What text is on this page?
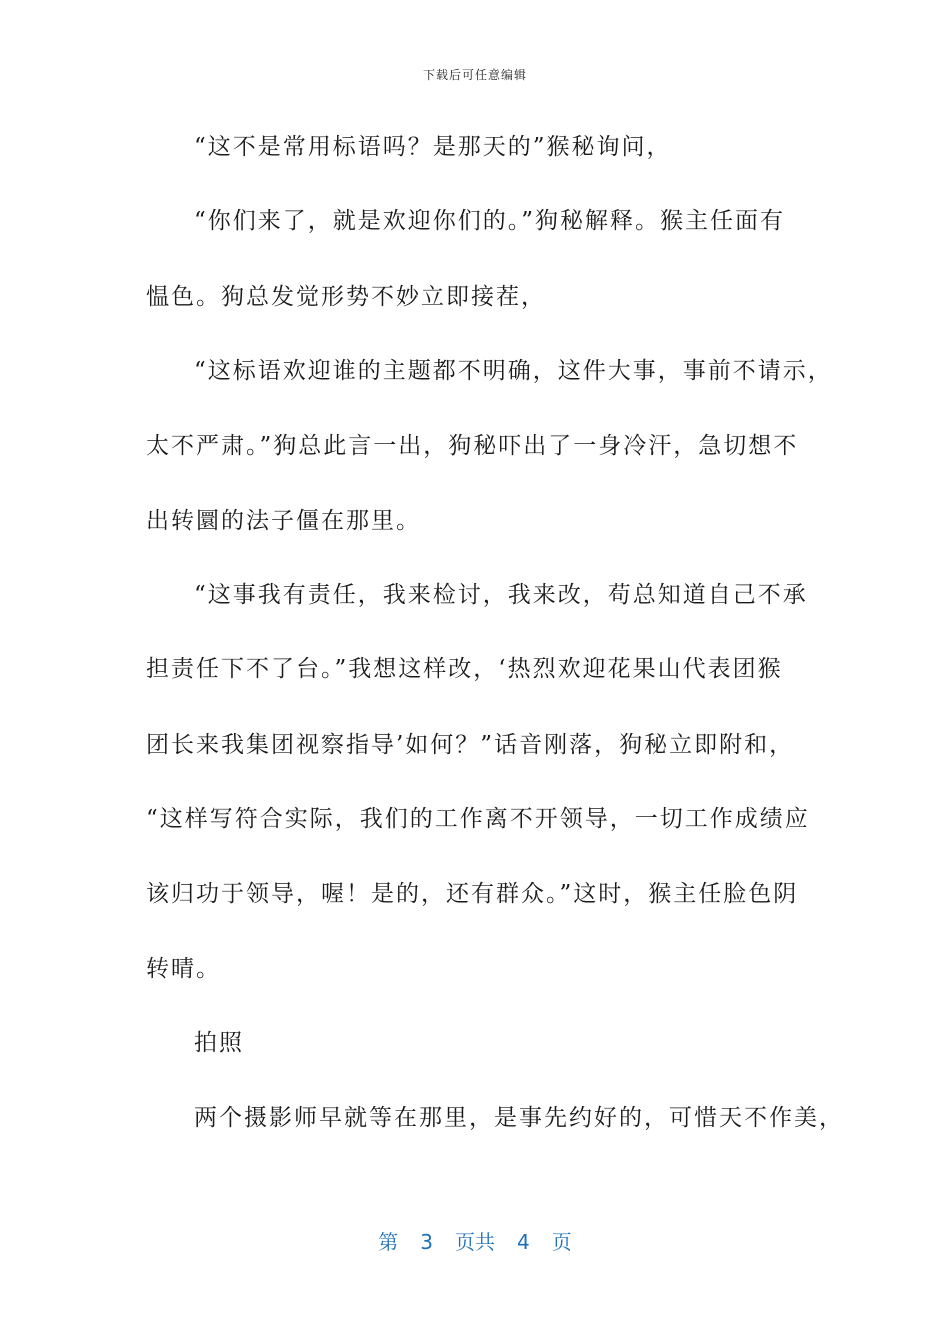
下载后可任意编辑
“这不是常用标语吗？是那天的”猴秘询问，
“你们来了，就是欢迎你们的。”狗秘解释。猴主任面有
愠色。狗总发觉形势不妙立即接茬，
“这标语欢迎谁的主题都不明确，这件大事，事前不请示，
太不严肃。”狗总此言一出，狗秘吓出了一身冷汗，急切想不
出转圜的法子僵在那里。
“这事我有责任，我来检讨，我来改，苟总知道自己不承
担责任下不了台。”我想这样改，‘热烈欢迎花果山代表团猴
团长来我集团视察指导’如何？”话音刚落，狗秘立即附和，
“这样写符合实际，我们的工作离不开领导，一切工作成绩应
该归功于领导，喔！是的，还有群众。”这时，猴主任脸色阴
转晴。
拍照
两个摄影师早就等在那里，是事先约好的，可惜天不作美，
第 3 页共 4 页
